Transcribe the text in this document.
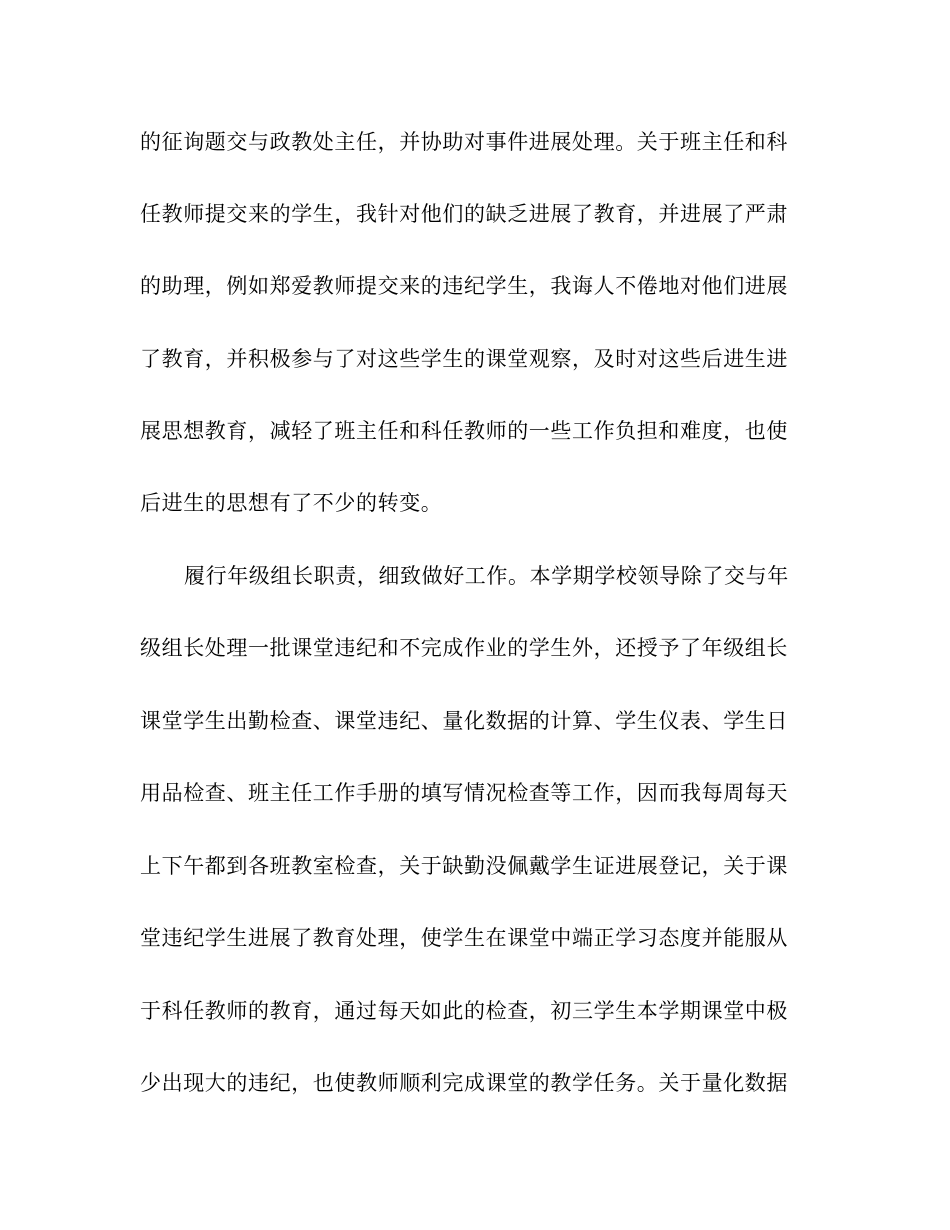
的征询题交与政教处主任，并协助对事件进展处理。关于班主任和科
任教师提交来的学生，我针对他们的缺乏进展了教育，并进展了严肃
的助理，例如郑爱教师提交来的违纪学生，我诲人不倦地对他们进展
了教育，并积极参与了对这些学生的课堂观察，及时对这些后进生进
展思想教育，减轻了班主任和科任教师的一些工作负担和难度，也使
后进生的思想有了不少的转变。
履行年级组长职责，细致做好工作。本学期学校领导除了交与年
级组长处理一批课堂违纪和不完成作业的学生外，还授予了年级组长
课堂学生出勤检查、课堂违纪、量化数据的计算、学生仪表、学生日
用品检查、班主任工作手册的填写情况检查等工作，因而我每周每天
上下午都到各班教室检查，关于缺勤没佩戴学生证进展登记，关于课
堂违纪学生进展了教育处理，使学生在课堂中端正学习态度并能服从
于科任教师的教育，通过每天如此的检查，初三学生本学期课堂中极
少出现大的违纪，也使教师顺利完成课堂的教学任务。关于量化数据
